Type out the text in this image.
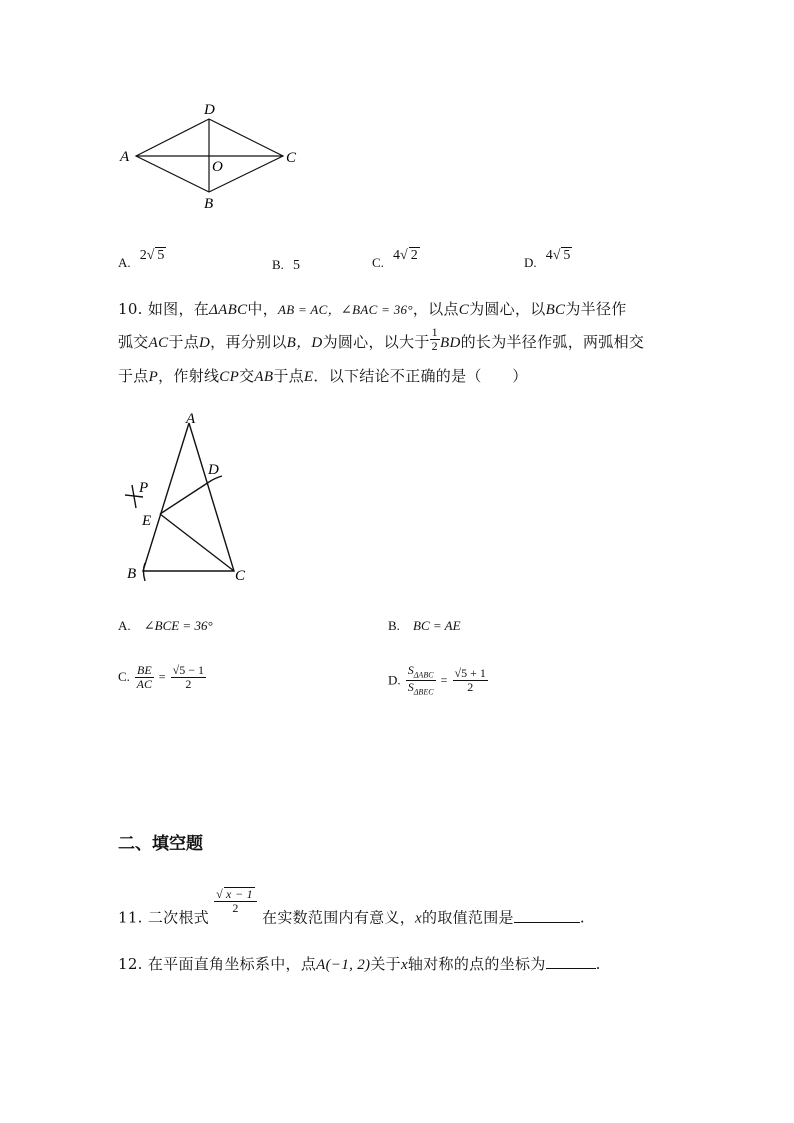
A
B
C
D
O
A. 2√ 5
B. 5	C. 4√ 2	D. 4√ 5
10. 如图，在ΔABC中，AB = AC，∠BAC = 36°，以点C为圆心，以BC为半径作
弧交AC于点D，再分别以B，D为圆心，以大于 $\frac{1}{2}$ BD的长为半径作弧，两弧相交
于点P，作射线CP交AB于点E．以下结论不正确的是（　　）
A
B	C
D
E
P
A. ∠BCE = 36°	B. BC = AE
C. $\frac{BE}{AC} = \frac{√5 - 1}{2}$	D. $\frac{S_{\Delta ABC}}{S_{\Delta BEC}} = \frac{√5 + 1}{2}$
二、填空题
11. 二次根式
$\frac{√ x - 1}{2}$
在实数范围内有意义，x的取值范围是	.
12. 在平面直角坐标系中，点A(−1, 2)关于x轴对称的点的坐标为	.
